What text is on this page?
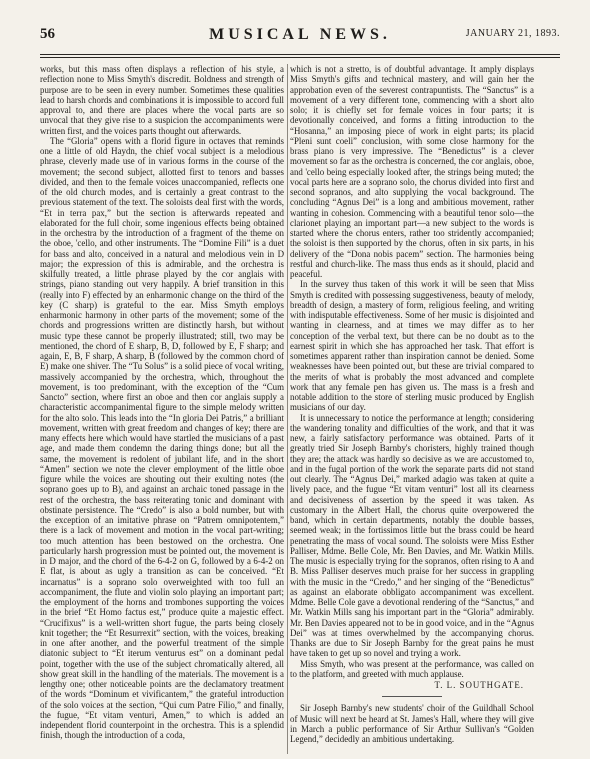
56	MUSICAL NEWS.	JANUARY 21, 1893.

works, but this mass often displays a reflection of his style, a reflection none to Miss Smyth's discredit. Boldness and strength of purpose are to be seen in every number. Sometimes these qualities lead to harsh chords and combinations it is impossible to accord full approval to, and there are places where the vocal parts are so unvocal that they give rise to a suspicion the accompaniments were written first, and the voices parts thought out afterwards.

The “Gloria” opens with a florid figure in octaves that reminds one a little of old Haydn, the chief vocal subject is a melodious phrase, cleverly made use of in various forms in the course of the movement; the second subject, allotted first to tenors and basses divided, and then to the female voices unaccompanied, reflects one of the old church modes, and is certainly a great contrast to the previous statement of the text. The soloists deal first with the words, “Et in terra pax,” but the section is afterwards repeated and elaborated for the full choir, some ingenious effects being obtained in the orchestra by the introduction of a fragment of the theme on the oboe, 'cello, and other instruments. The “Domine Fili” is a duet for bass and alto, conceived in a natural and melodious vein in D major; the expression of this is admirable, and the orchestra is skilfully treated, a little phrase played by the cor anglais with strings, piano standing out very happily. A brief transition in this (really into F) effected by an enharmonic change on the third of the key (C sharp) is grateful to the ear. Miss Smyth employs enharmonic harmony in other parts of the movement; some of the chords and progressions written are distinctly harsh, but without music type these cannot be properly illustrated; still, two may be mentioned, the chord of E sharp, B, D, followed by E, F sharp; and again, E, B, F sharp, A sharp, B (followed by the common chord of E) make one shiver. The “Tu Solus” is a solid piece of vocal writing, massively accompanied by the orchestra, which, throughout the movement, is too predominant, with the exception of the “Cum Sancto” section, where first an oboe and then cor anglais supply a characteristic accompanimental figure to the simple melody written for the alto solo. This leads into the “In gloria Dei Patris,” a brilliant movement, written with great freedom and changes of key; there are many effects here which would have startled the musicians of a past age, and made them condemn the daring things done; but all the same, the movement is redolent of jubilant life, and in the short “Amen” section we note the clever employment of the little oboe figure while the voices are shouting out their exulting notes (the soprano goes up to B), and against an archaic toned passage in the rest of the orchestra, the bass reiterating tonic and dominant with obstinate persistence. The “Credo” is also a bold number, but with the exception of an imitative phrase on “Patrem omnipotentem,” there is a lack of movement and motion in the vocal part-writing; too much attention has been bestowed on the orchestra. One particularly harsh progression must be pointed out, the movement is in D major, and the chord of the 6-4-2 on G, followed by a 6-4-2 on E flat, is about as ugly a transition as can be conceived. “Et incarnatus” is a soprano solo overweighted with too full an accompaniment, the flute and violin solo playing an important part; the employment of the horns and trombones supporting the voices in the brief “Et Homo factus est,” produce quite a majestic effect. “Crucifixus” is a well-written short fugue, the parts being closely knit together; the “Et Resurrexit” section, with the voices, breaking in one after another, and the powerful treatment of the simple diatonic subject to “Et iterum venturus est” on a dominant pedal point, together with the use of the subject chromatically altered, all show great skill in the handling of the materials. The movement is a lengthy one; other noticeable points are the declamatory treatment of the words “Dominum et vivificantem,” the grateful introduction of the solo voices at the section, “Qui cum Patre Filio,” and finally, the fugue, “Et vitam venturi, Amen,” to which is added an independent florid counterpoint in the orchestra. This is a splendid finish, though the introduction of a coda,

which is not a stretto, is of doubtful advantage. It amply displays Miss Smyth's gifts and technical mastery, and will gain her the approbation even of the severest contrapuntists. The “Sanctus” is a movement of a very different tone, commencing with a short alto solo; it is chiefly set for female voices in four parts; it is devotionally conceived, and forms a fitting introduction to the “Hosanna,” an imposing piece of work in eight parts; its placid “Pleni sunt coeli” conclusion, with some close harmony for the brass piano is very impressive. The “Benedictus” is a clever movement so far as the orchestra is concerned, the cor anglais, oboe, and 'cello being especially looked after, the strings being muted; the vocal parts here are a soprano solo, the chorus divided into first and second sopranos, and alto supplying the vocal background. The concluding “Agnus Dei” is a long and ambitious movement, rather wanting in cohesion. Commencing with a beautiful tenor solo—the clarionet playing an important part—a new subject to the words is started where the chorus enters, rather too stridently accompanied; the soloist is then supported by the chorus, often in six parts, in his delivery of the “Dona nobis pacem” section. The harmonies being restful and church-like. The mass thus ends as it should, placid and peaceful.

In the survey thus taken of this work it will be seen that Miss Smyth is credited with possessing suggestiveness, beauty of melody, breadth of design, a mastery of form, religious feeling, and writing with indisputable effectiveness. Some of her music is disjointed and wanting in clearness, and at times we may differ as to her conception of the verbal text, but there can be no doubt as to the earnest spirit in which she has approached her task. That effort is sometimes apparent rather than inspiration cannot be denied. Some weaknesses have been pointed out, but these are trivial compared to the merits of what is probably the most advanced and complete work that any female pen has given us. The mass is a fresh and notable addition to the store of sterling music produced by English musicians of our day.

It is unnecessary to notice the performance at length; considering the wandering tonality and difficulties of the work, and that it was new, a fairly satisfactory performance was obtained. Parts of it greatly tried Sir Joseph Barnby's choristers, highly trained though they are; the attack was hardly so decisive as we are accustomed to, and in the fugal portion of the work the separate parts did not stand out clearly. The “Agnus Dei,” marked adagio was taken at quite a lively pace, and the fugue “Et vitam venturi” lost all its clearness and decisiveness of assertion by the speed it was taken. As customary in the Albert Hall, the chorus quite overpowered the band, which in certain departments, notably the double basses, seemed weak; in the fortissimos little but the brass could be heard penetrating the mass of vocal sound. The soloists were Miss Esther Palliser, Mdme. Belle Cole, Mr. Ben Davies, and Mr. Watkin Mills. The music is especially trying for the sopranos, often rising to A and B. Miss Palliser deserves much praise for her success in grappling with the music in the “Credo,” and her singing of the “Benedictus” as against an elaborate obbligato accompaniment was excellent. Mdme. Belle Cole gave a devotional rendering of the “Sanctus,” and Mr. Watkin Mills sang his important part in the “Gloria” admirably. Mr. Ben Davies appeared not to be in good voice, and in the “Agnus Dei” was at times overwhelmed by the accompanying chorus. Thanks are due to Sir Joseph Barnby for the great pains he must have taken to get up so novel and trying a work.

Miss Smyth, who was present at the performance, was called on to the platform, and greeted with much applause.

T. L. SOUTHGATE.

Sir Joseph Barnby's new students' choir of the Guildhall School of Music will next be heard at St. James's Hall, where they will give in March a public performance of Sir Arthur Sullivan's “Golden Legend,” decidedly an ambitious undertaking.
